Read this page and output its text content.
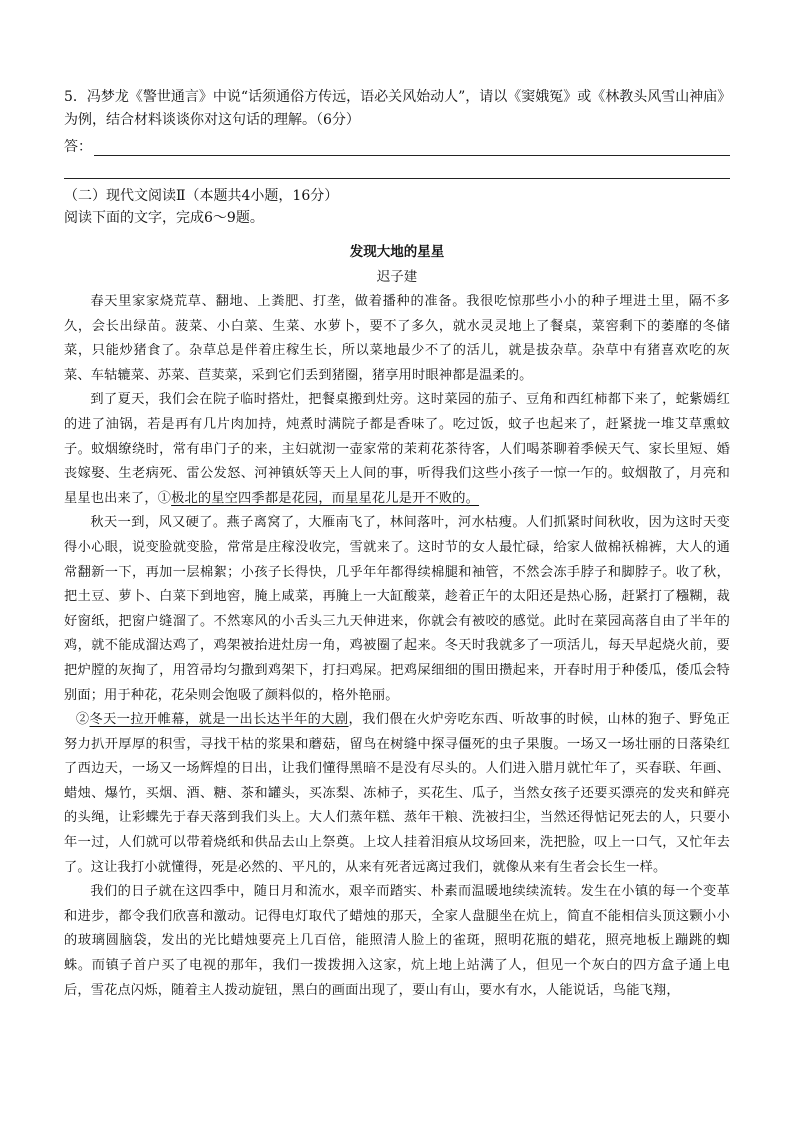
5．冯梦龙《警世通言》中说“话须通俗方传远，语必关风始动人”，请以《窦娥冤》或《林教头风雪山神庙》为例，结合材料谈谈你对这句话的理解。（6分）

答：

（二）现代文阅读Ⅱ（本题共4小题，16分）

阅读下面的文字，完成6～9题。

发现大地的星星

迟子建

春天里家家烧荒草、翻地、上粪肥、打垄，做着播种的准备。我很吃惊那些小小的种子埋进土里，隔不多久，会长出绿苗。菠菜、小白菜、生菜、水萝卜，要不了多久，就水灵灵地上了餐桌，菜窖剩下的萎靡的冬储菜，只能炒猪食了。杂草总是伴着庄稼生长，所以菜地最少不了的活儿，就是拔杂草。杂草中有猪喜欢吃的灰菜、车轱辘菜、苏菜、苣荬菜，采到它们丢到猪圈，猪享用时眼神都是温柔的。

到了夏天，我们会在院子临时搭灶，把餐桌搬到灶旁。这时菜园的茄子、豆角和西红柿都下来了，蛇紫嫣红的进了油锅，若是再有几片肉加持，炖煮时满院子都是香味了。吃过饭，蚊子也起来了，赶紧拢一堆艾草熏蚊子。蚊烟缭绕时，常有串门子的来，主妇就沏一壶家常的茉莉花茶待客，人们喝茶聊着季候天气、家长里短、婚丧嫁娶、生老病死、雷公发怒、河神镇妖等天上人间的事，听得我们这些小孩子一惊一乍的。蚊烟散了，月亮和星星也出来了，①极北的星空四季都是花园，而星星花儿是开不败的。

秋天一到，风又硬了。燕子离窝了，大雁南飞了，林间落叶，河水枯瘦。人们抓紧时间秋收，因为这时天变得小心眼，说变脸就变脸，常常是庄稼没收完，雪就来了。这时节的女人最忙碌，给家人做棉袄棉裤，大人的通常翻新一下，再加一层棉絮；小孩子长得快，几乎年年都得续棉腿和袖管，不然会冻手脖子和脚脖子。收了秋，把土豆、萝卜、白菜下到地窖，腌上咸菜，再腌上一大缸酸菜，趁着正午的太阳还是热心肠，赶紧打了糨糊，裁好窗纸，把窗户缝溜了。不然寒风的小舌头三九天伸进来，你就会有被咬的感觉。此时在菜园高落自由了半年的鸡，就不能成溜达鸡了，鸡架被抬进灶房一角，鸡被圈了起来。冬天时我就多了一项活儿，每天早起烧火前，要把炉膛的灰掏了，用笤帚均匀撒到鸡架下，打扫鸡屎。把鸡屎细细的围田攒起来，开春时用于种倭瓜，倭瓜会特别面；用于种花，花朵则会饱吸了颜料似的，格外艳丽。

②冬天一拉开帷幕，就是一出长达半年的大剧，我们偎在火炉旁吃东西、听故事的时候，山林的狍子、野兔正努力扒开厚厚的积雪，寻找干枯的浆果和蘑菇，留鸟在树缝中探寻僵死的虫子果腹。一场又一场壮丽的日落染红了西边天，一场又一场辉煌的日出，让我们懂得黑暗不是没有尽头的。人们进入腊月就忙年了，买春联、年画、蜡烛、爆竹，买烟、酒、糖、茶和罐头，买冻梨、冻柿子，买花生、瓜子，当然女孩子还要买漂亮的发夹和鲜亮的头绳，让彩蝶先于春天落到我们头上。大人们蒸年糕、蒸年干粮、洗被扫尘，当然还得惦记死去的人，只要小年一过，人们就可以带着烧纸和供品去山上祭奠。上坟人挂着泪痕从坟场回来，洗把脸，叹上一口气，又忙年去了。这让我打小就懂得，死是必然的、平凡的，从来有死者远离过我们，就像从来有生者会长生一样。

我们的日子就在这四季中，随日月和流水，艰辛而踏实、朴素而温暖地续续流转。发生在小镇的每一个变革和进步，都令我们欣喜和激动。记得电灯取代了蜡烛的那天，全家人盘腿坐在炕上，简直不能相信头顶这颗小小的玻璃圆脑袋，发出的光比蜡烛要亮上几百倍，能照清人脸上的雀斑，照明花瓶的蜡花，照亮地板上蹦跳的蜘蛛。而镇子首户买了电视的那年，我们一拨拨拥入这家，炕上地上站满了人，但见一个灰白的四方盒子通上电后，雪花点闪烁，随着主人拨动旋钮，黑白的画面出现了，要山有山，要水有水，人能说话，鸟能飞翔，
